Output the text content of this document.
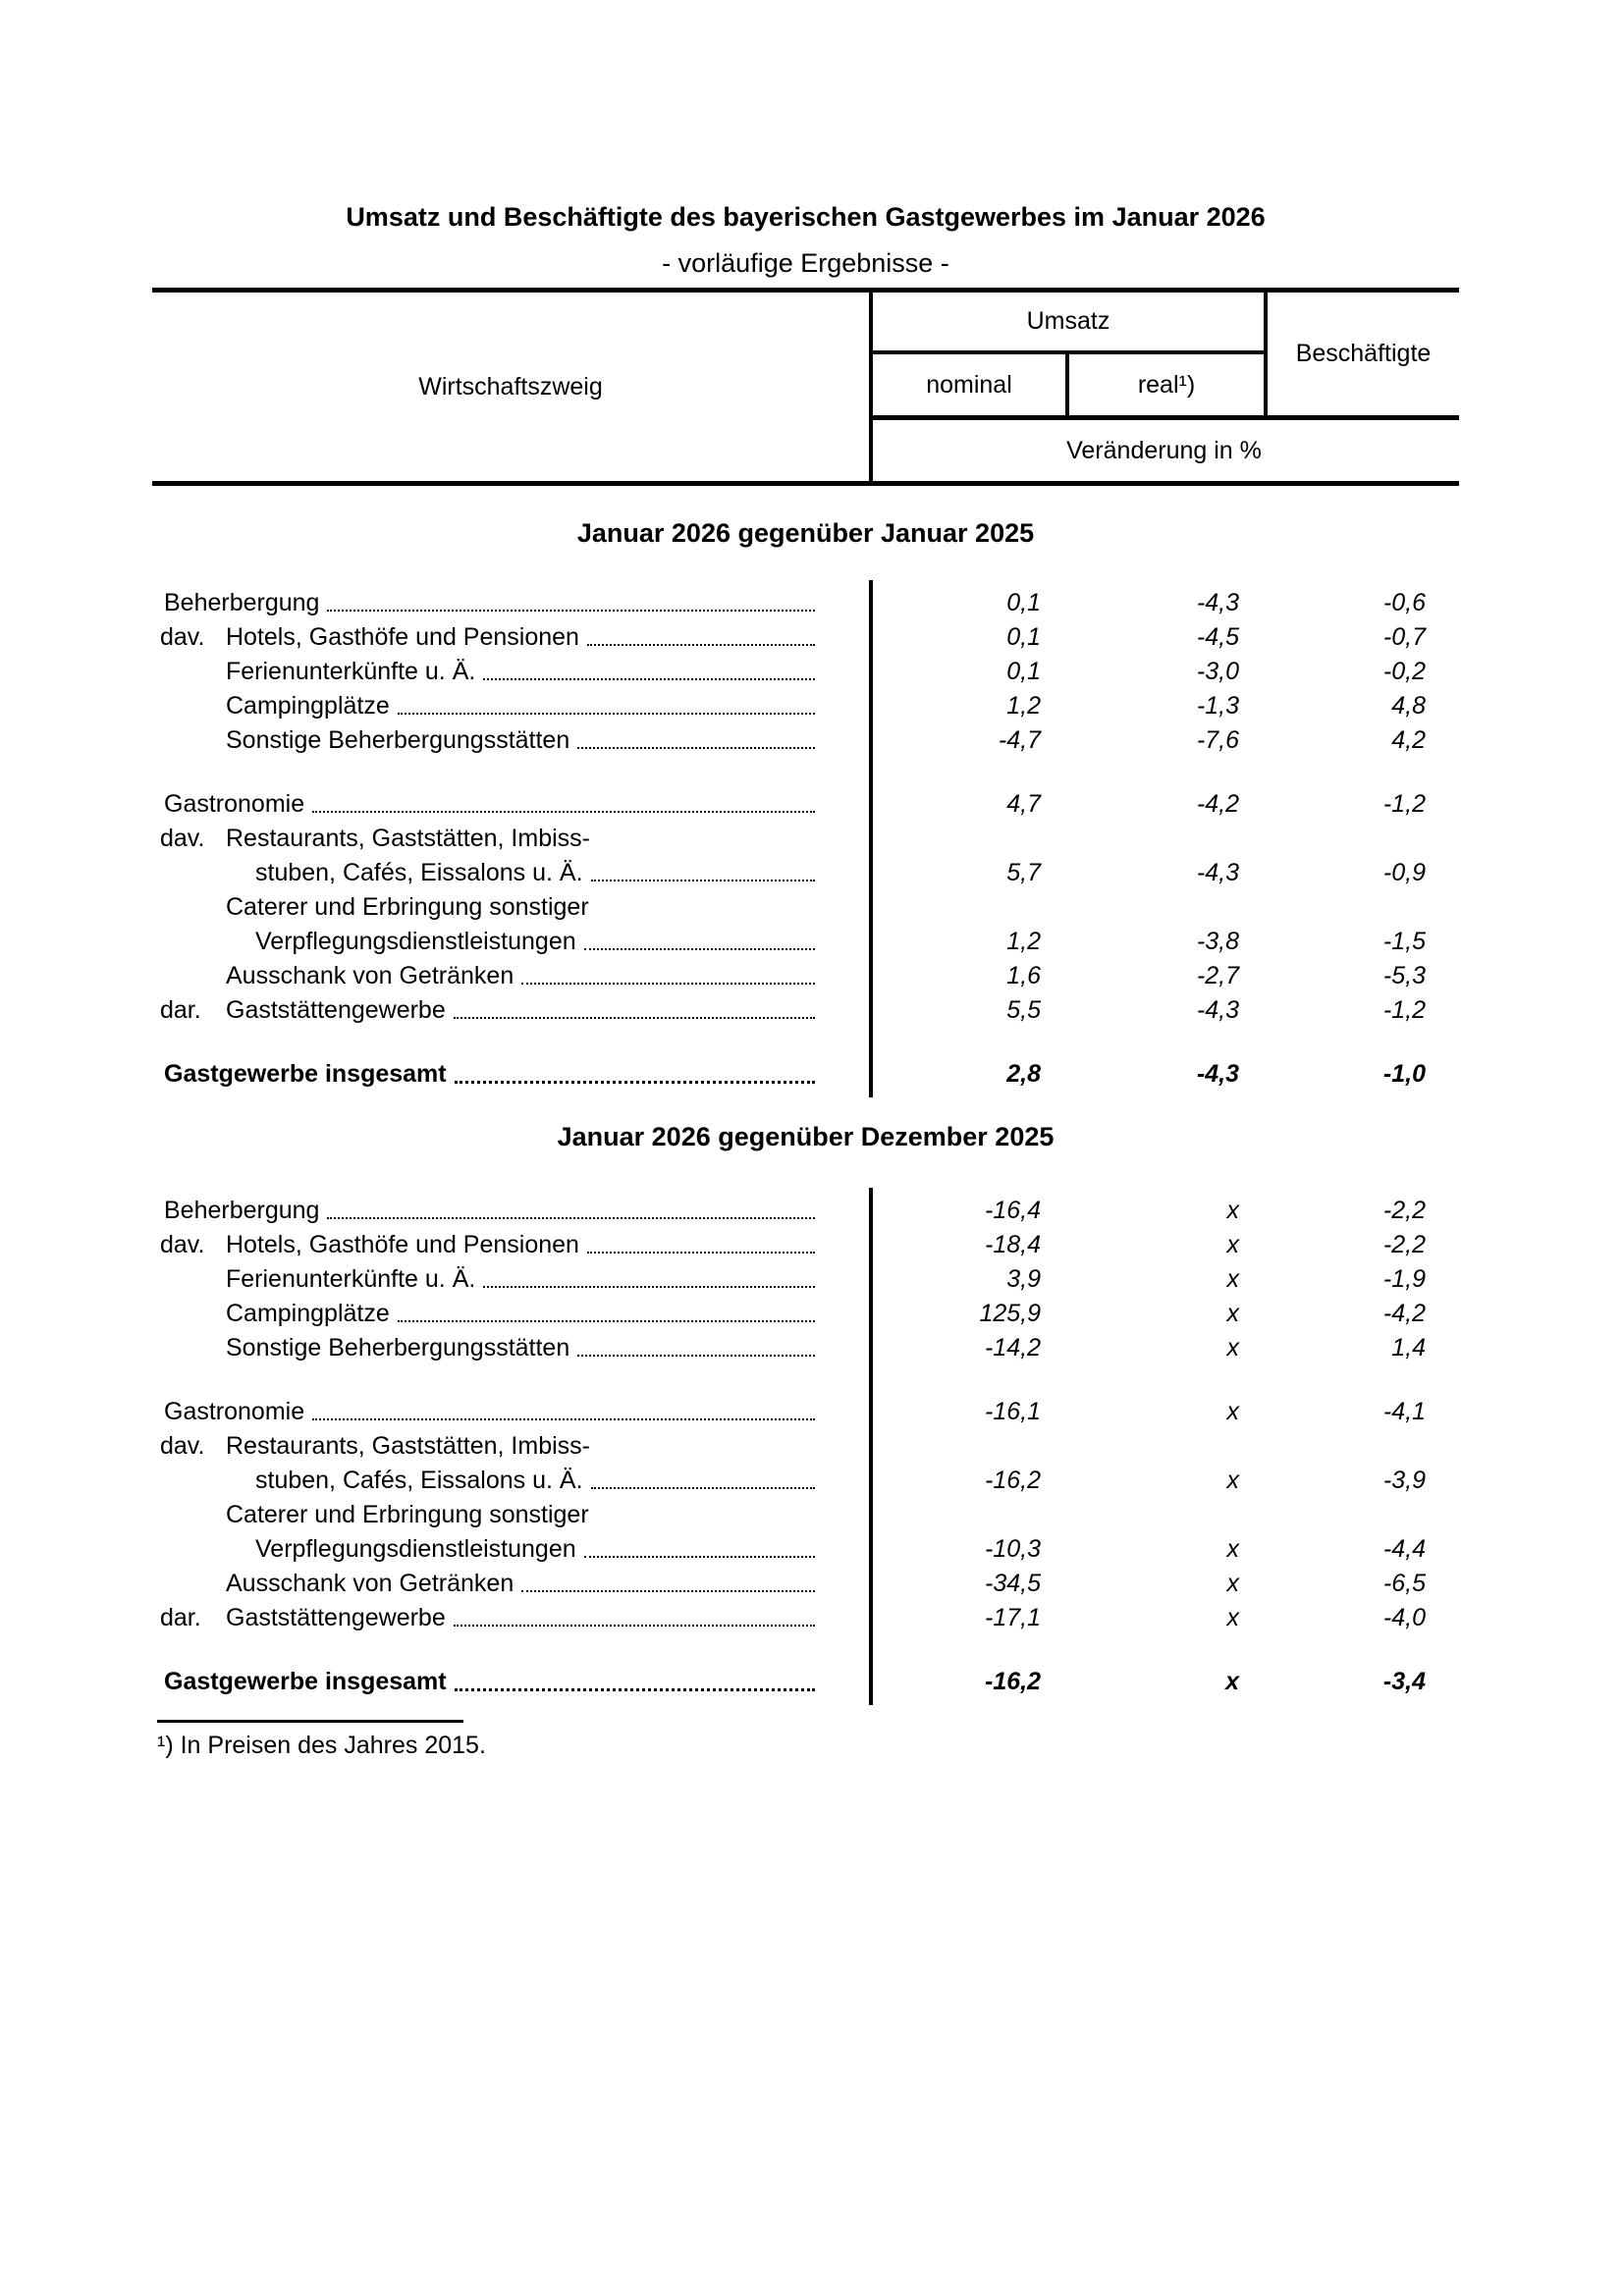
Umsatz und Beschäftigte des bayerischen Gastgewerbes im Januar 2026
- vorläufige Ergebnisse -
Wirtschaftszweig
Umsatz
nominal	real¹)
Beschäftigte
Veränderung in %
Januar 2026 gegenüber Januar 2025
Beherbergung	0,1	-4,3	-0,6
dav. Hotels, Gasthöfe und Pensionen	0,1	-4,5	-0,7
Ferienunterkünfte u. Ä.	0,1	-3,0	-0,2
Campingplätze	1,2	-1,3	4,8
Sonstige Beherbergungsstätten	-4,7	-7,6	4,2
Gastronomie	4,7	-4,2	-1,2
dav. Restaurants, Gaststätten, Imbiss-
stuben, Cafés, Eissalons u. Ä.	5,7	-4,3	-0,9
Caterer und Erbringung sonstiger
Verpflegungsdienstleistungen	1,2	-3,8	-1,5
Ausschank von Getränken	1,6	-2,7	-5,3
dar.	Gaststättengewerbe	5,5	-4,3	-1,2
Gastgewerbe insgesamt	2,8	-4,3	-1,0
Januar 2026 gegenüber Dezember 2025
Beherbergung	-16,4	x	-2,2
dav. Hotels, Gasthöfe und Pensionen	-18,4	x	-2,2
Ferienunterkünfte u. Ä.	3,9	x	-1,9
Campingplätze	125,9	x	-4,2
Sonstige Beherbergungsstätten	-14,2	x	1,4
Gastronomie	-16,1	x	-4,1
dav. Restaurants, Gaststätten, Imbiss-
stuben, Cafés, Eissalons u. Ä.	-16,2	x	-3,9
Caterer und Erbringung sonstiger
Verpflegungsdienstleistungen	-10,3	x	-4,4
Ausschank von Getränken	-34,5	x	-6,5
dar.	Gaststättengewerbe	-17,1	x	-4,0
Gastgewerbe insgesamt	-16,2	x	-3,4
¹) In Preisen des Jahres 2015.
